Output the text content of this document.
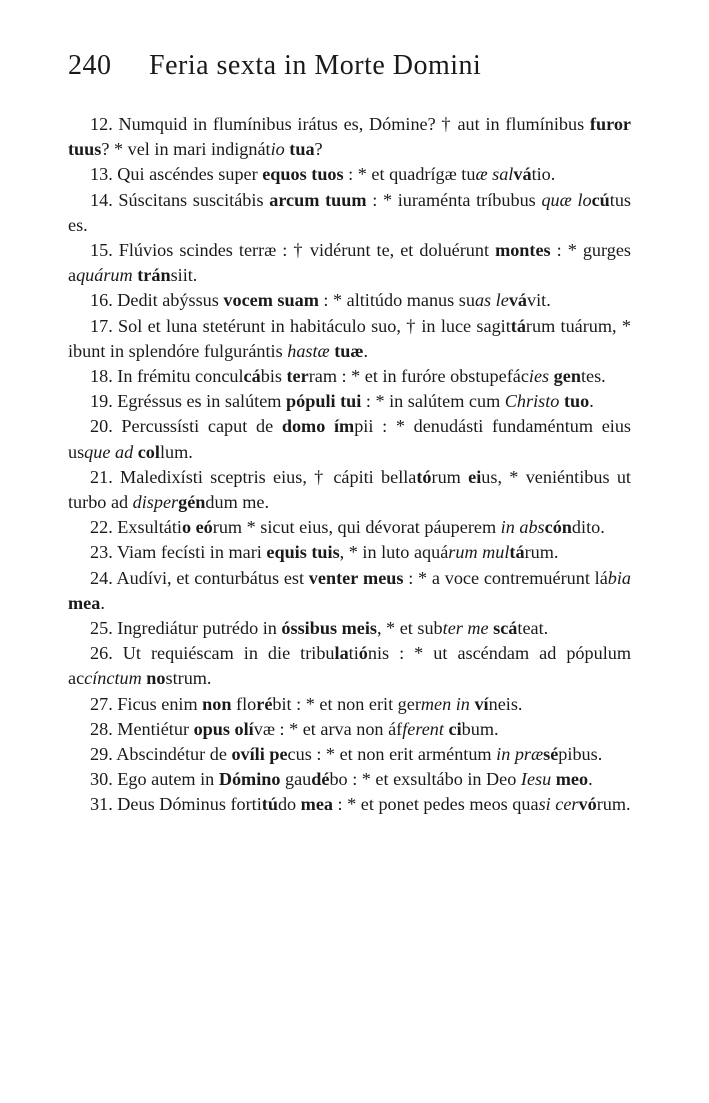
240 Feria sexta in Morte Domini

12. Numquid in flumínibus irátus es, Dómine? † aut in flumínibus furor tuus? * vel in mari indignátio tua?

13. Qui ascéndes super equos tuos : * et quadrígæ tuæ salvátio.

14. Súscitans suscitábis arcum tuum : * iuraménta tríbubus quæ locútus es.

15. Flúvios scindes terræ : † vidérunt te, et doluérunt montes : * gurges aquárum tránsiit.

16. Dedit abýssus vocem suam : * altitúdo manus suas levávit.

17. Sol et luna stetérunt in habitáculo suo, † in luce sagittárum tuárum, * ibunt in splendóre fulgurántis hastæ tuæ.

18. In frémitu conculcábis terram : * et in furóre obstupefácies gentes.

19. Egréssus es in salútem pópuli tui : * in salútem cum Christo tuo.

20. Percussísti caput de domo ímpii : * denudásti fundaméntum eius usque ad collum.

21. Maledixísti sceptris eius, † cápiti bellatórum eius, * veniéntibus ut turbo ad dispergéndum me.

22. Exsultátio eórum * sicut eius, qui dévorat páuperem in abscóndito.

23. Viam fecísti in mari equis tuis, * in luto aquárum multárum.

24. Audívi, et conturbátus est venter meus : * a voce contremuérunt lábia mea.

25. Ingrediátur putrédo in óssibus meis, * et subter me scáteat.

26. Ut requiéscam in die tribulatiónis : * ut ascéndam ad pópulum accínctum nostrum.

27. Ficus enim non florébit : * et non erit germen in víneis.

28. Mentiétur opus olívæ : * et arva non áfferent cibum.

29. Abscindétur de ovíli pecus : * et non erit arméntum in præsépibus.

30. Ego autem in Dómino gaudébo : * et exsultábo in Deo Iesu meo.

31. Deus Dóminus fortitúdo mea : * et ponet pedes meos quasi cervórum.
